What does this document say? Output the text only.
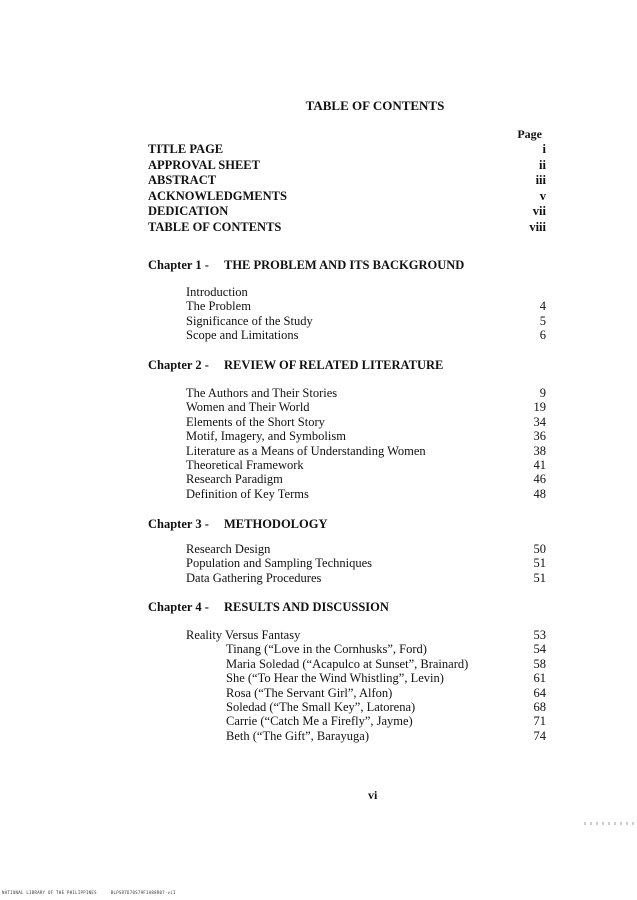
TABLE OF CONTENTS
Page
TITLE PAGE	i
APPROVAL SHEET	ii
ABSTRACT	iii
ACKNOWLEDGMENTS	v
DEDICATION	vii
TABLE OF CONTENTS	viii
Chapter 1 - THE PROBLEM AND ITS BACKGROUND
Introduction
The Problem	4
Significance of the Study	5
Scope and Limitations	6
Chapter 2 - REVIEW OF RELATED LITERATURE
The Authors and Their Stories	9
Women and Their World	19
Elements of the Short Story	34
Motif, Imagery, and Symbolism	36
Literature as a Means of Understanding Women	38
Theoretical Framework	41
Research Paradigm	46
Definition of Key Terms	48
Chapter 3 - METHODOLOGY
Research Design	50
Population and Sampling Techniques	51
Data Gathering Procedures	51
Chapter 4 - RESULTS AND DISCUSSION
Reality Versus Fantasy	53
Tinang (“Love in the Cornhusks”, Ford)	54
Maria Soledad (“Acapulco at Sunset”, Brainard)	58
She (“To Hear the Wind Whistling”, Levin)	61
Rosa (“The Servant Girl”, Alfon)	64
Soledad (“The Small Key”, Latorena)	68
Carrie (“Catch Me a Firefly”, Jayme)	71
Beth (“The Gift”, Barayuga)	74
vi
NATIONAL LIBRARY OF THE PHILIPPINES	BLPSRTD70S79F1A88R07-viI
